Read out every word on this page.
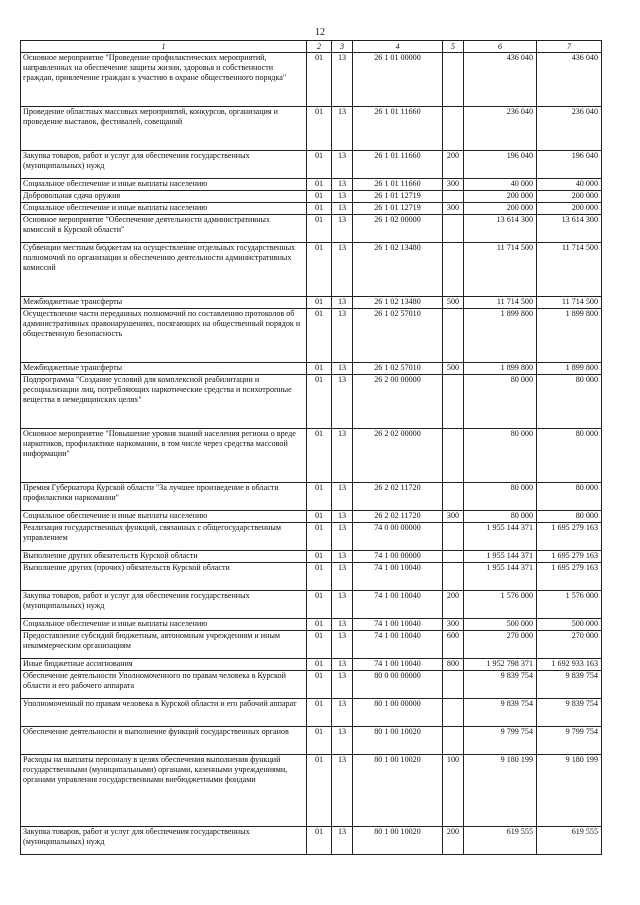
12
1	2	3	4	5	6	7
Основное мероприятие "Проведение профилактических мероприятий, направленных на обеспечение защиты жизни, здоровья и собственности граждан, привлечение граждан к участию в охране общественного порядка"	01	13	26 1 01 00000		436 040	436 040
Проведение областных массовых мероприятий, конкурсов, организация и проведение выставок, фестивалей, совещаний	01	13	26 1 01 11660		236 040	236 040
Закупка товаров, работ и услуг для обеспечения государственных (муниципальных) нужд	01	13	26 1 01 11660	200	196 040	196 040
Социальное обеспечение и иные выплаты населению	01	13	26 1 01 11660	300	40 000	40 000
Добровольная сдача оружия	01	13	26 1 01 12719		200 000	200 000
Социальное обеспечение и иные выплаты населению	01	13	26 1 01 12719	300	200 000	200 000
Основное мероприятие "Обеспечение деятельности административных комиссий в Курской области"	01	13	26 1 02 00000		13 614 300	13 614 300
Субвенции местным бюджетам на осуществление отдельных государственных полномочий по организации и обеспечению деятельности административных комиссий	01	13	26 1 02 13480		11 714 500	11 714 500
Межбюджетные трансферты	01	13	26 1 02 13480	500	11 714 500	11 714 500
Осуществление части переданных полномочий по составлению протоколов об административных правонарушениях, посягающих на общественный порядок и общественную безопасность	01	13	26 1 02 57010		1 899 800	1 899 800
Межбюджетные трансферты	01	13	26 1 02 57010	500	1 899 800	1 899 800
Подпрограмма "Создание условий для комплексной реабилитации и ресоциализации лиц, потребляющих наркотические средства и психотропные вещества в немедицинских целях"	01	13	26 2 00 00000		80 000	80 000
Основное мероприятие "Повышение уровня знаний населения региона о вреде наркотиков, профилактике наркомании, в том числе через средства массовой информации"	01	13	26 2 02 00000		80 000	80 000
Премия Губернатора Курской области "За лучшее произведение в области профилактики наркомании"	01	13	26 2 02 11720		80 000	80 000
Социальное обеспечение и иные выплаты населению	01	13	26 2 02 11720	300	80 000	80 000
Реализация государственных функций, связанных с общегосударственным управлением	01	13	74 0 00 00000		1 955 144 371	1 695 279 163
Выполнение других обязательств Курской области	01	13	74 1 00 00000		1 955 144 371	1 695 279 163
Выполнение других (прочих) обязательств Курской области	01	13	74 1 00 10040		1 955 144 371	1 695 279 163
Закупка товаров, работ и услуг для обеспечения государственных (муниципальных) нужд	01	13	74 1 00 10040	200	1 576 000	1 576 000
Социальное обеспечение и иные выплаты населению	01	13	74 1 00 10040	300	500 000	500 000
Предоставление субсидий бюджетным, автономным учреждениям и иным некоммерческим организациям	01	13	74 1 00 10040	600	270 000	270 000
Иные бюджетные ассигнования	01	13	74 1 00 10040	800	1 952 798 371	1 692 933 163
Обеспечение деятельности Уполномоченного по правам человека в Курской области и его рабочего аппарата	01	13	80 0 00 00000		9 839 754	9 839 754
Уполномоченный по правам человека в Курской области и его рабочий аппарат	01	13	80 1 00 00000		9 839 754	9 839 754
Обеспечение деятельности и выполнение функций государственных органов	01	13	80 1 00 10020		9 799 754	9 799 754
Расходы на выплаты персоналу в целях обеспечения выполнения функций государственными (муниципальными) органами, казенными учреждениями, органами управления государственными внебюджетными фондами	01	13	80 1 00 10020	100	9 180 199	9 180 199
Закупка товаров, работ и услуг для обеспечения государственных (муниципальных) нужд	01	13	80 1 00 10020	200	619 555	619 555
